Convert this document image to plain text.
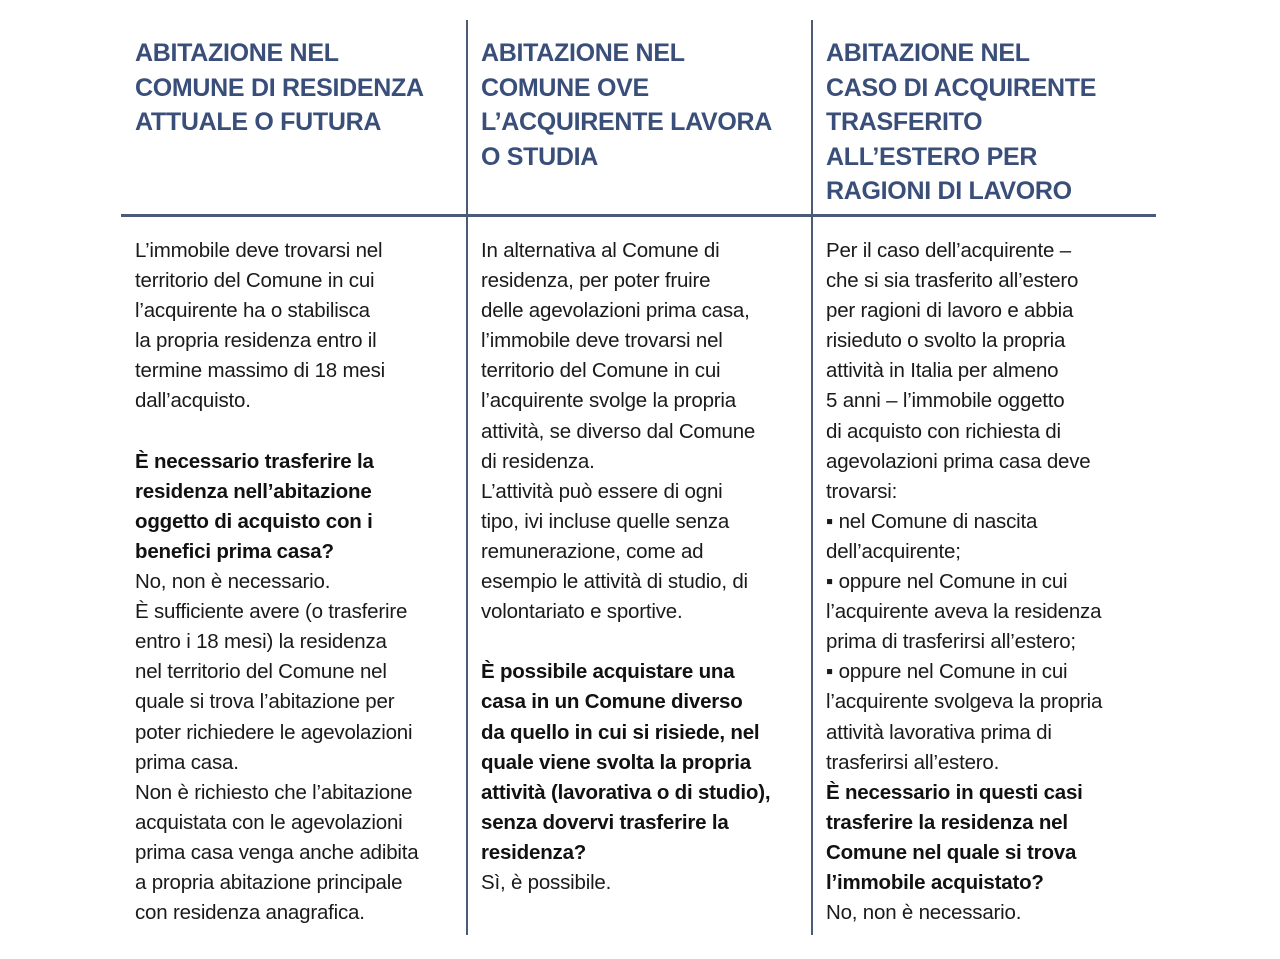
ABITAZIONE NEL
COMUNE DI RESIDENZA
ATTUALE O FUTURA
L’immobile deve trovarsi nel
territorio del Comune in cui
l’acquirente ha o stabilisca
la propria residenza entro il
termine massimo di 18 mesi
dall’acquisto.
È necessario trasferire la
residenza nell’abitazione
oggetto di acquisto con i
benefici prima casa?
No, non è necessario.
È sufficiente avere (o trasferire
entro i 18 mesi) la residenza
nel territorio del Comune nel
quale si trova l’abitazione per
poter richiedere le agevolazioni
prima casa.
Non è richiesto che l’abitazione
acquistata con le agevolazioni
prima casa venga anche adibita
a propria abitazione principale
con residenza anagrafica.
ABITAZIONE NEL
COMUNE OVE
L’ACQUIRENTE LAVORA
O STUDIA
In alternativa al Comune di
residenza, per poter fruire
delle agevolazioni prima casa,
l’immobile deve trovarsi nel
territorio del Comune in cui
l’acquirente svolge la propria
attività, se diverso dal Comune
di residenza.
L’attività può essere di ogni
tipo, ivi incluse quelle senza
remunerazione, come ad
esempio le attività di studio, di
volontariato e sportive.
È possibile acquistare una
casa in un Comune diverso
da quello in cui si risiede, nel
quale viene svolta la propria
attività (lavorativa o di studio),
senza dovervi trasferire la
residenza?
Sì, è possibile.
ABITAZIONE NEL
CASO DI ACQUIRENTE
TRASFERITO
ALL’ESTERO PER
RAGIONI DI LAVORO
Per il caso dell’acquirente –
che si sia trasferito all’estero
per ragioni di lavoro e abbia
risieduto o svolto la propria
attività in Italia per almeno
5 anni – l’immobile oggetto
di acquisto con richiesta di
agevolazioni prima casa deve
trovarsi:
▪ nel Comune di nascita
dell’acquirente;
▪ oppure nel Comune in cui
l’acquirente aveva la residenza
prima di trasferirsi all’estero;
▪ oppure nel Comune in cui
l’acquirente svolgeva la propria
attività lavorativa prima di
trasferirsi all’estero.
È necessario in questi casi
trasferire la residenza nel
Comune nel quale si trova
l’immobile acquistato?
No, non è necessario.
